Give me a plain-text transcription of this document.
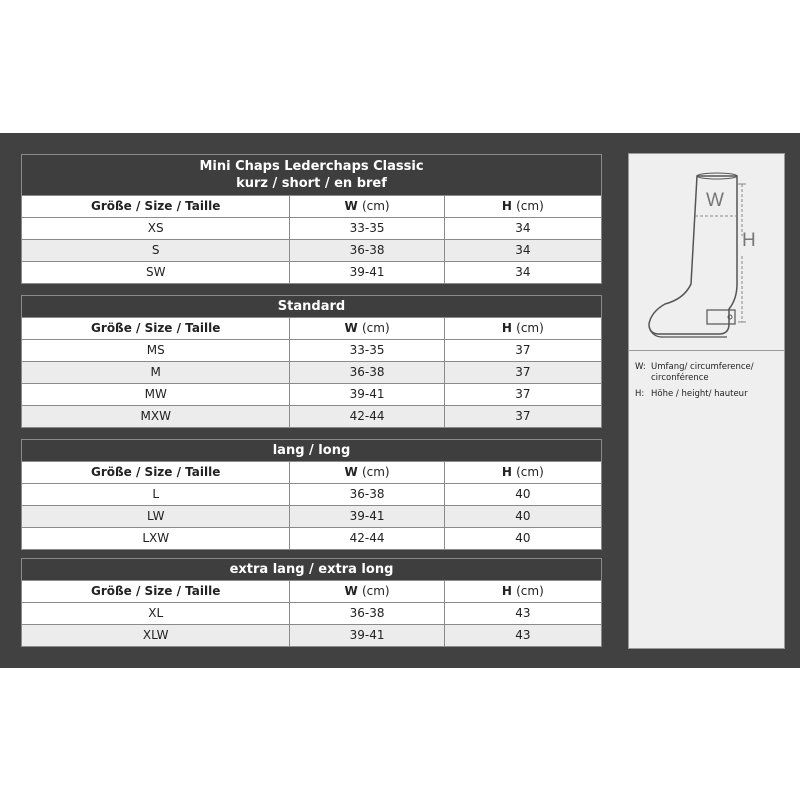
Mini Chaps Lederchaps Classic
kurz / short / en bref		
Größe / Size / Taille	W (cm)	H (cm)
XS	33-35	34
S	36-38	34
SW	39-41	34
Standard		
Größe / Size / Taille	W (cm)	H (cm)
MS	33-35	37
M	36-38	37
MW	39-41	37
MXW	42-44	37
lang / long		
Größe / Size / Taille	W (cm)	H (cm)
L	36-38	40
LW	39-41	40
LXW	42-44	40
extra lang / extra long		
Größe / Size / Taille	W (cm)	H (cm)
XL	36-38	43
XLW	39-41	43
W
H
W: Umfang/ circumference/ circonférence
H: Höhe / height/ hauteur
